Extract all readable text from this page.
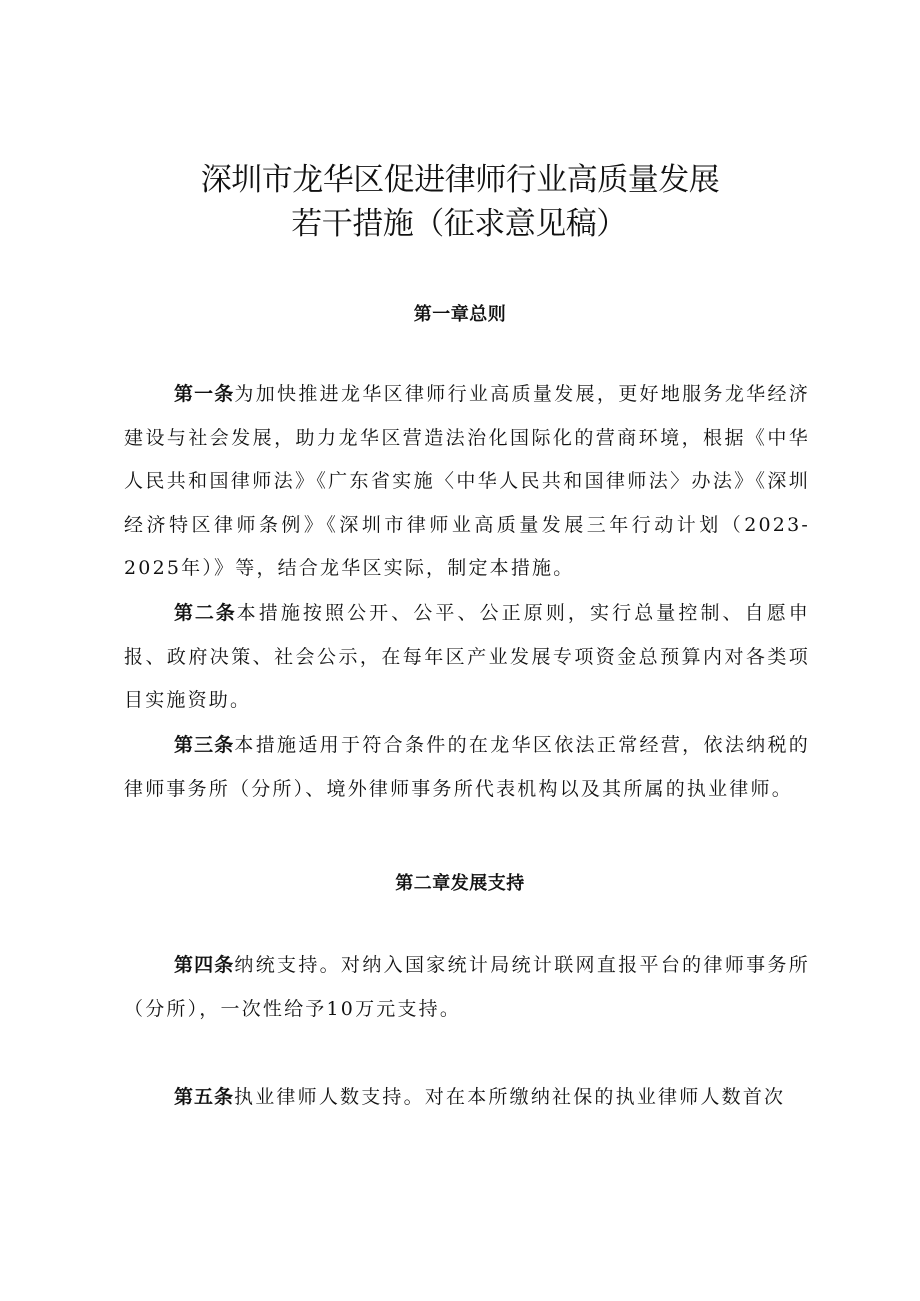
深圳市龙华区促进律师行业高质量发展
若干措施（征求意见稿）
第一章总则

第一条为加快推进龙华区律师行业高质量发展，更好地服务龙华经济建设与社会发展，助力龙华区营造法治化国际化的营商环境，根据《中华人民共和国律师法》《广东省实施〈中华人民共和国律师法〉办法》《深圳经济特区律师条例》《深圳市律师业高质量发展三年行动计划（2023-2025年）》等，结合龙华区实际，制定本措施。

第二条本措施按照公开、公平、公正原则，实行总量控制、自愿申报、政府决策、社会公示，在每年区产业发展专项资金总预算内对各类项目实施资助。

第三条本措施适用于符合条件的在龙华区依法正常经营，依法纳税的律师事务所（分所）、境外律师事务所代表机构以及其所属的执业律师。

第二章发展支持

第四条纳统支持。对纳入国家统计局统计联网直报平台的律师事务所（分所），一次性给予10万元支持。

第五条执业律师人数支持。对在本所缴纳社保的执业律师人数首次
